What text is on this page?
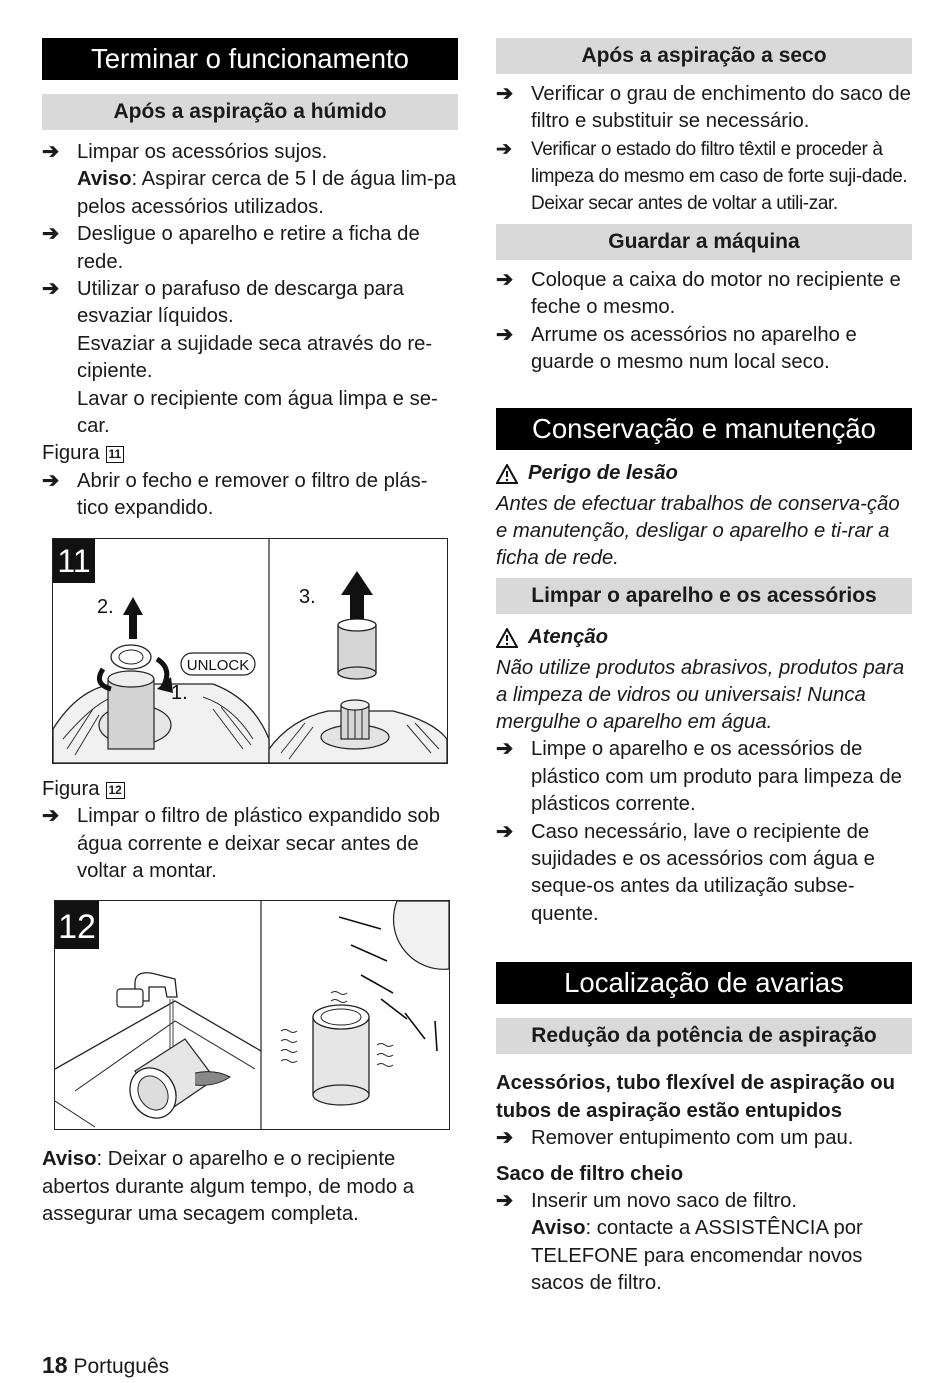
Terminar o funcionamento
Após a aspiração a húmido

➔ Limpar os acessórios sujos.

Aviso: Aspirar cerca de 5 l de água lim-pa pelos acessórios utilizados.

➔ Desligue o aparelho e retire a ficha de rede.

➔ Utilizar o parafuso de descarga para esvaziar líquidos.

Esvaziar a sujidade seca através do re-cipiente.

Lavar o recipiente com água limpa e se-car.

Figura 11

➔ Abrir o fecho e remover o filtro de plás-tico expandido.

11
2.
1.
UNLOCK
3.

Figura 12

➔ Limpar o filtro de plástico expandido sob água corrente e deixar secar antes de voltar a montar.

12

Aviso: Deixar o aparelho e o recipiente abertos durante algum tempo, de modo a assegurar uma secagem completa.

Após a aspiração a seco

➔ Verificar o grau de enchimento do saco de filtro e substituir se necessário.

➔ Verificar o estado do filtro têxtil e proceder à limpeza do mesmo em caso de forte suji-dade. Deixar secar antes de voltar a utili-zar.

Guardar a máquina

➔ Coloque a caixa do motor no recipiente e feche o mesmo.

➔ Arrume os acessórios no aparelho e guarde o mesmo num local seco.

Conservação e manutenção
Perigo de lesão

Antes de efectuar trabalhos de conserva-ção e manutenção, desligar o aparelho e ti-rar a ficha de rede.

Limpar o aparelho e os acessórios
Atenção

Não utilize produtos abrasivos, produtos para a limpeza de vidros ou universais! Nunca mergulhe o aparelho em água.

➔ Limpe o aparelho e os acessórios de plástico com um produto para limpeza de plásticos corrente.

➔ Caso necessário, lave o recipiente de sujidades e os acessórios com água e seque-os antes da utilização subse-quente.

Localização de avarias
Redução da potência de aspiração

Acessórios, tubo flexível de aspiração ou tubos de aspiração estão entupidos

➔ Remover entupimento com um pau.

Saco de filtro cheio

➔ Inserir um novo saco de filtro.

Aviso: contacte a ASSISTÊNCIA por TELEFONE para encomendar novos sacos de filtro.

18 Português
